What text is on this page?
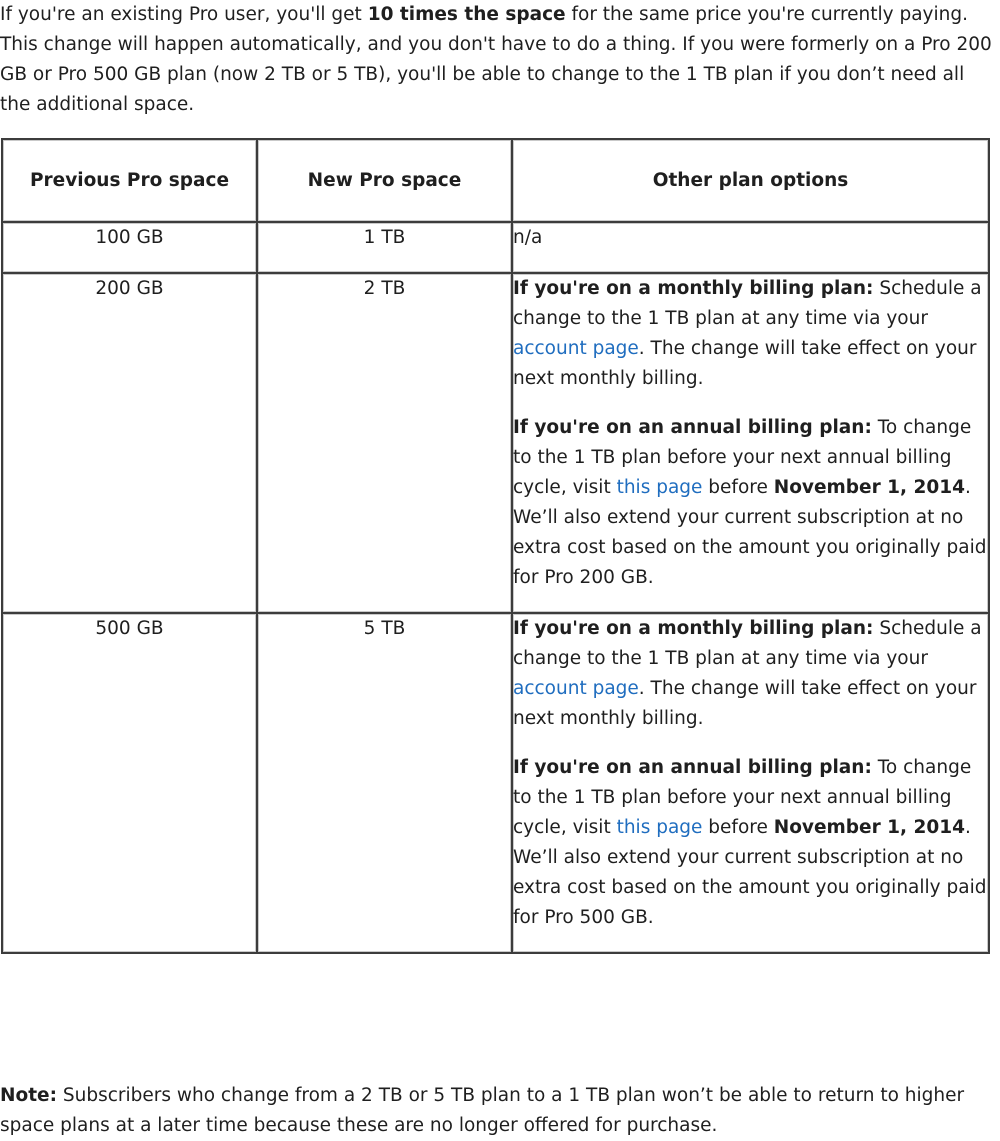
If you're an existing Pro user, you'll get 10 times the space for the same price you're currently paying. This change will happen automatically, and you don't have to do a thing. If you were formerly on a Pro 200 GB or Pro 500 GB plan (now 2 TB or 5 TB), you'll be able to change to the 1 TB plan if you don’t need all the additional space.

Previous Pro space	New Pro space	Other plan options
100 GB	1 TB	n/a
200 GB	2 TB	If you're on a monthly billing plan: Schedule a change to the 1 TB plan at any time via your account page. The change will take effect on your next monthly billing.

If you're on an annual billing plan: To change to the 1 TB plan before your next annual billing cycle, visit this page before November 1, 2014. We’ll also extend your current subscription at no extra cost based on the amount you originally paid for Pro 200 GB.

500 GB	5 TB	If you're on a monthly billing plan: Schedule a change to the 1 TB plan at any time via your account page. The change will take effect on your next monthly billing.

If you're on an annual billing plan: To change to the 1 TB plan before your next annual billing cycle, visit this page before November 1, 2014. We’ll also extend your current subscription at no extra cost based on the amount you originally paid for Pro 500 GB.

Note: Subscribers who change from a 2 TB or 5 TB plan to a 1 TB plan won’t be able to return to higher space plans at a later time because these are no longer offered for purchase.
